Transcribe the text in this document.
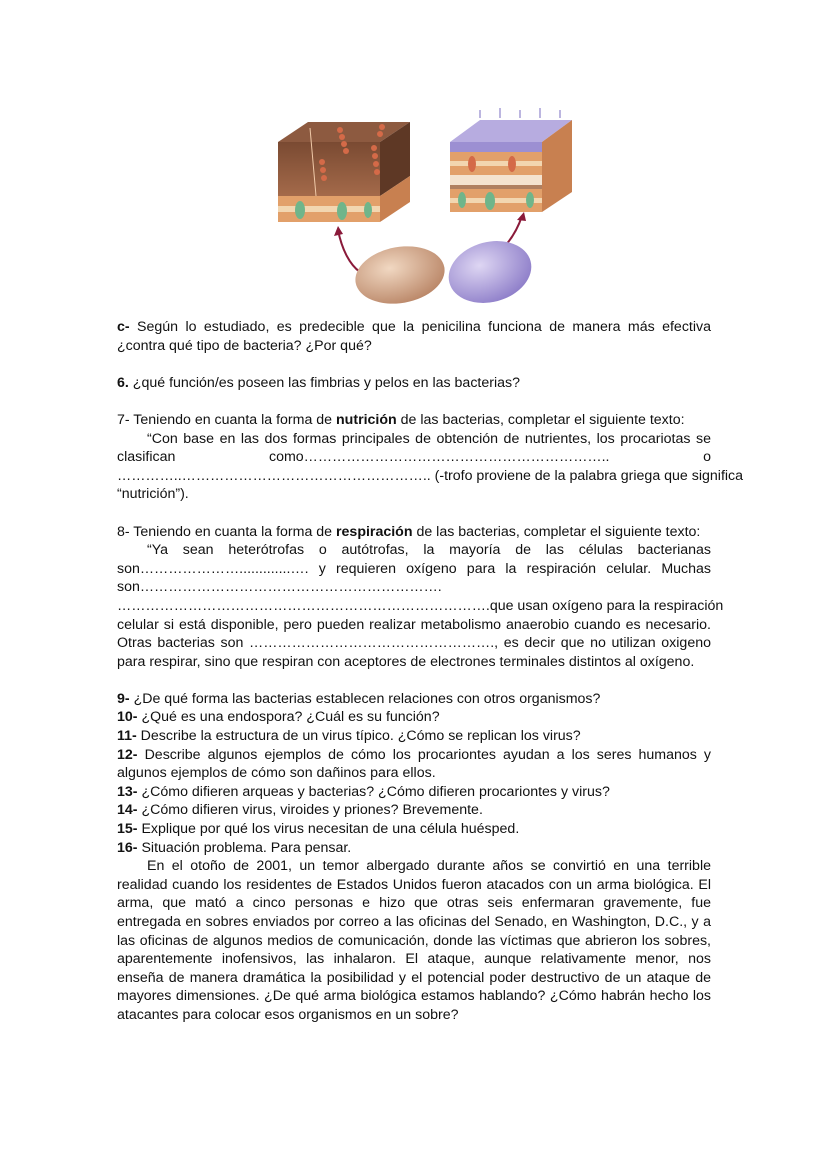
c- Según lo estudiado, es predecible que la penicilina funciona de manera más efectiva ¿contra qué tipo de bacteria? ¿Por qué?

6. ¿qué función/es poseen las fimbrias y pelos en las bacterias?

7- Teniendo en cuanta la forma de nutrición de las bacterias, completar el siguiente texto:

“Con base en las dos formas principales de obtención de nutrientes, los procariotas se

clasifican	como………………………………………………………..	o

…………..…………………………………………….. (-trofo proviene de la palabra griega que significa

“nutrición”).

8- Teniendo en cuanta la forma de respiración de las bacterias, completar el siguiente texto:

“Ya sean heterótrofas o autótrofas, la mayoría de las células bacterianas

son………………….............…. y requieren oxígeno para la respiración celular. Muchas

son……………………………………………………….

…………………………………………………………………….que usan oxígeno para la respiración

celular si está disponible, pero pueden realizar metabolismo anaerobio cuando es necesario.

Otras bacterias son ……………………………………………., es decir que no utilizan oxigeno

para respirar, sino que respiran con aceptores de electrones terminales distintos al oxígeno.

9- ¿De qué forma las bacterias establecen relaciones con otros organismos?

10- ¿Qué es una endospora? ¿Cuál es su función?

11- Describe la estructura de un virus típico. ¿Cómo se replican los virus?

12- Describe algunos ejemplos de cómo los procariontes ayudan a los seres humanos y algunos ejemplos de cómo son dañinos para ellos.

13- ¿Cómo difieren arqueas y bacterias? ¿Cómo difieren procariontes y virus?

14- ¿Cómo difieren virus, viroides y priones? Brevemente.

15- Explique por qué los virus necesitan de una célula huésped.

16- Situación problema. Para pensar.

En el otoño de 2001, un temor albergado durante años se convirtió en una terrible realidad cuando los residentes de Estados Unidos fueron atacados con un arma biológica. El arma, que mató a cinco personas e hizo que otras seis enfermaran gravemente, fue entregada en sobres enviados por correo a las oficinas del Senado, en Washington, D.C., y a las oficinas de algunos medios de comunicación, donde las víctimas que abrieron los sobres, aparentemente inofensivos, las inhalaron. El ataque, aunque relativamente menor, nos enseña de manera dramática la posibilidad y el potencial poder destructivo de un ataque de mayores dimensiones. ¿De qué arma biológica estamos hablando? ¿Cómo habrán hecho los atacantes para colocar esos organismos en un sobre?
